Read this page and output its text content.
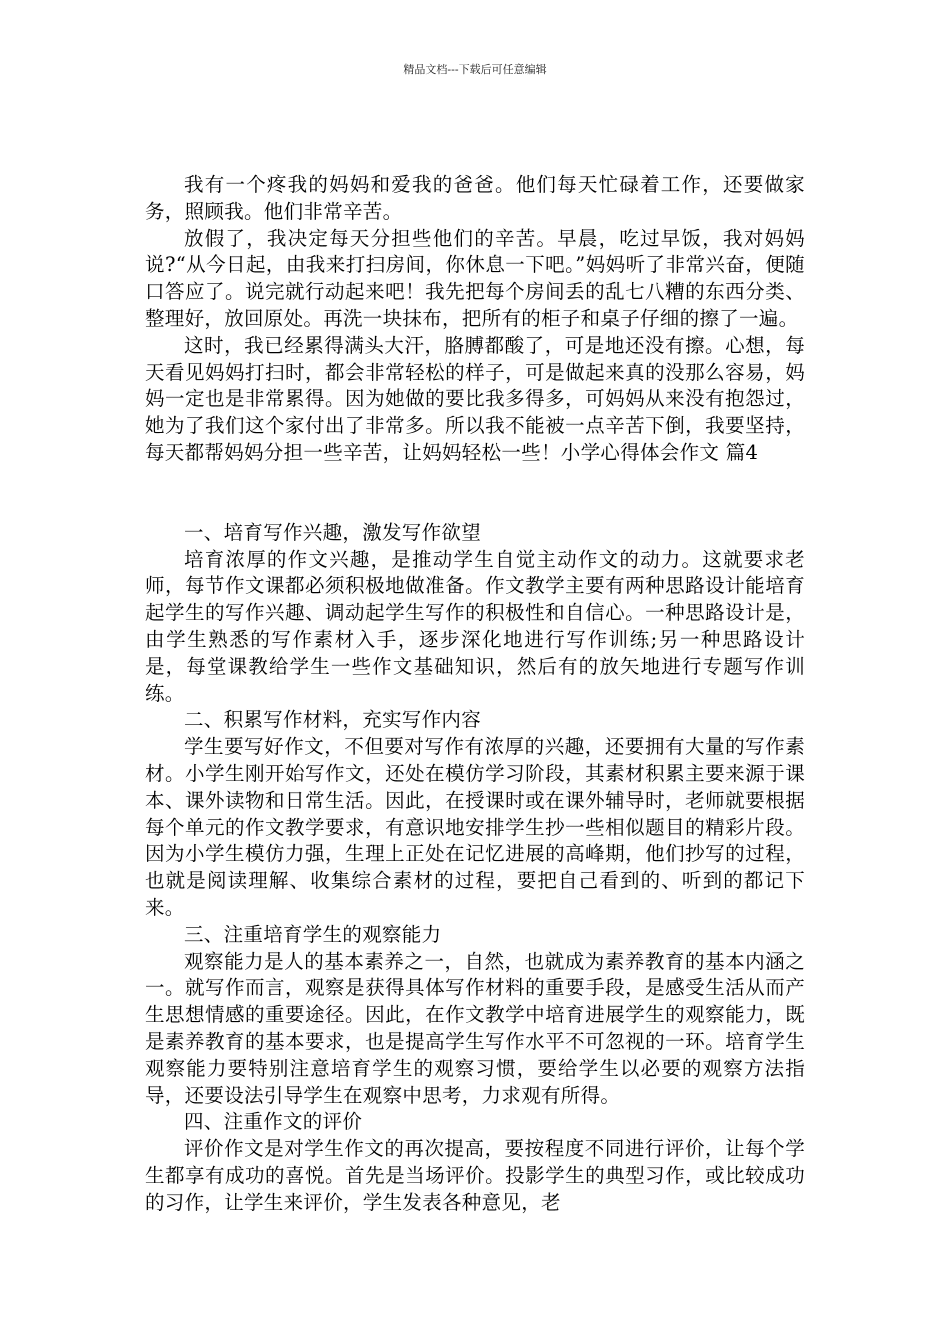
精品文档---下载后可任意编辑

我有一个疼我的妈妈和爱我的爸爸。他们每天忙碌着工作，还要做家务，照顾我。他们非常辛苦。

放假了，我决定每天分担些他们的辛苦。早晨，吃过早饭，我对妈妈说?“从今日起，由我来打扫房间，你休息一下吧。”妈妈听了非常兴奋，便随口答应了。说完就行动起来吧！我先把每个房间丢的乱七八糟的东西分类、整理好，放回原处。再洗一块抹布，把所有的柜子和桌子仔细的擦了一遍。

这时，我已经累得满头大汗，胳膊都酸了，可是地还没有擦。心想，每天看见妈妈打扫时，都会非常轻松的样子，可是做起来真的没那么容易，妈妈一定也是非常累得。因为她做的要比我多得多，可妈妈从来没有抱怨过，她为了我们这个家付出了非常多。所以我不能被一点辛苦下倒，我要坚持，每天都帮妈妈分担一些辛苦，让妈妈轻松一些！小学心得体会作文 篇4

一、培育写作兴趣，激发写作欲望

培育浓厚的作文兴趣，是推动学生自觉主动作文的动力。这就要求老师，每节作文课都必须积极地做准备。作文教学主要有两种思路设计能培育起学生的写作兴趣、调动起学生写作的积极性和自信心。一种思路设计是，由学生熟悉的写作素材入手，逐步深化地进行写作训练;另一种思路设计是，每堂课教给学生一些作文基础知识，然后有的放矢地进行专题写作训练。

二、积累写作材料，充实写作内容

学生要写好作文，不但要对写作有浓厚的兴趣，还要拥有大量的写作素材。小学生刚开始写作文，还处在模仿学习阶段，其素材积累主要来源于课本、课外读物和日常生活。因此，在授课时或在课外辅导时，老师就要根据每个单元的作文教学要求，有意识地安排学生抄一些相似题目的精彩片段。因为小学生模仿力强，生理上正处在记忆进展的高峰期，他们抄写的过程，也就是阅读理解、收集综合素材的过程，要把自己看到的、听到的都记下来。

三、注重培育学生的观察能力

观察能力是人的基本素养之一，自然，也就成为素养教育的基本内涵之一。就写作而言，观察是获得具体写作材料的重要手段，是感受生活从而产生思想情感的重要途径。因此，在作文教学中培育进展学生的观察能力，既是素养教育的基本要求，也是提高学生写作水平不可忽视的一环。培育学生观察能力要特别注意培育学生的观察习惯，要给学生以必要的观察方法指导，还要设法引导学生在观察中思考，力求观有所得。

四、注重作文的评价

评价作文是对学生作文的再次提高，要按程度不同进行评价，让每个学生都享有成功的喜悦。首先是当场评价。投影学生的典型习作，或比较成功的习作，让学生来评价，学生发表各种意见，老
